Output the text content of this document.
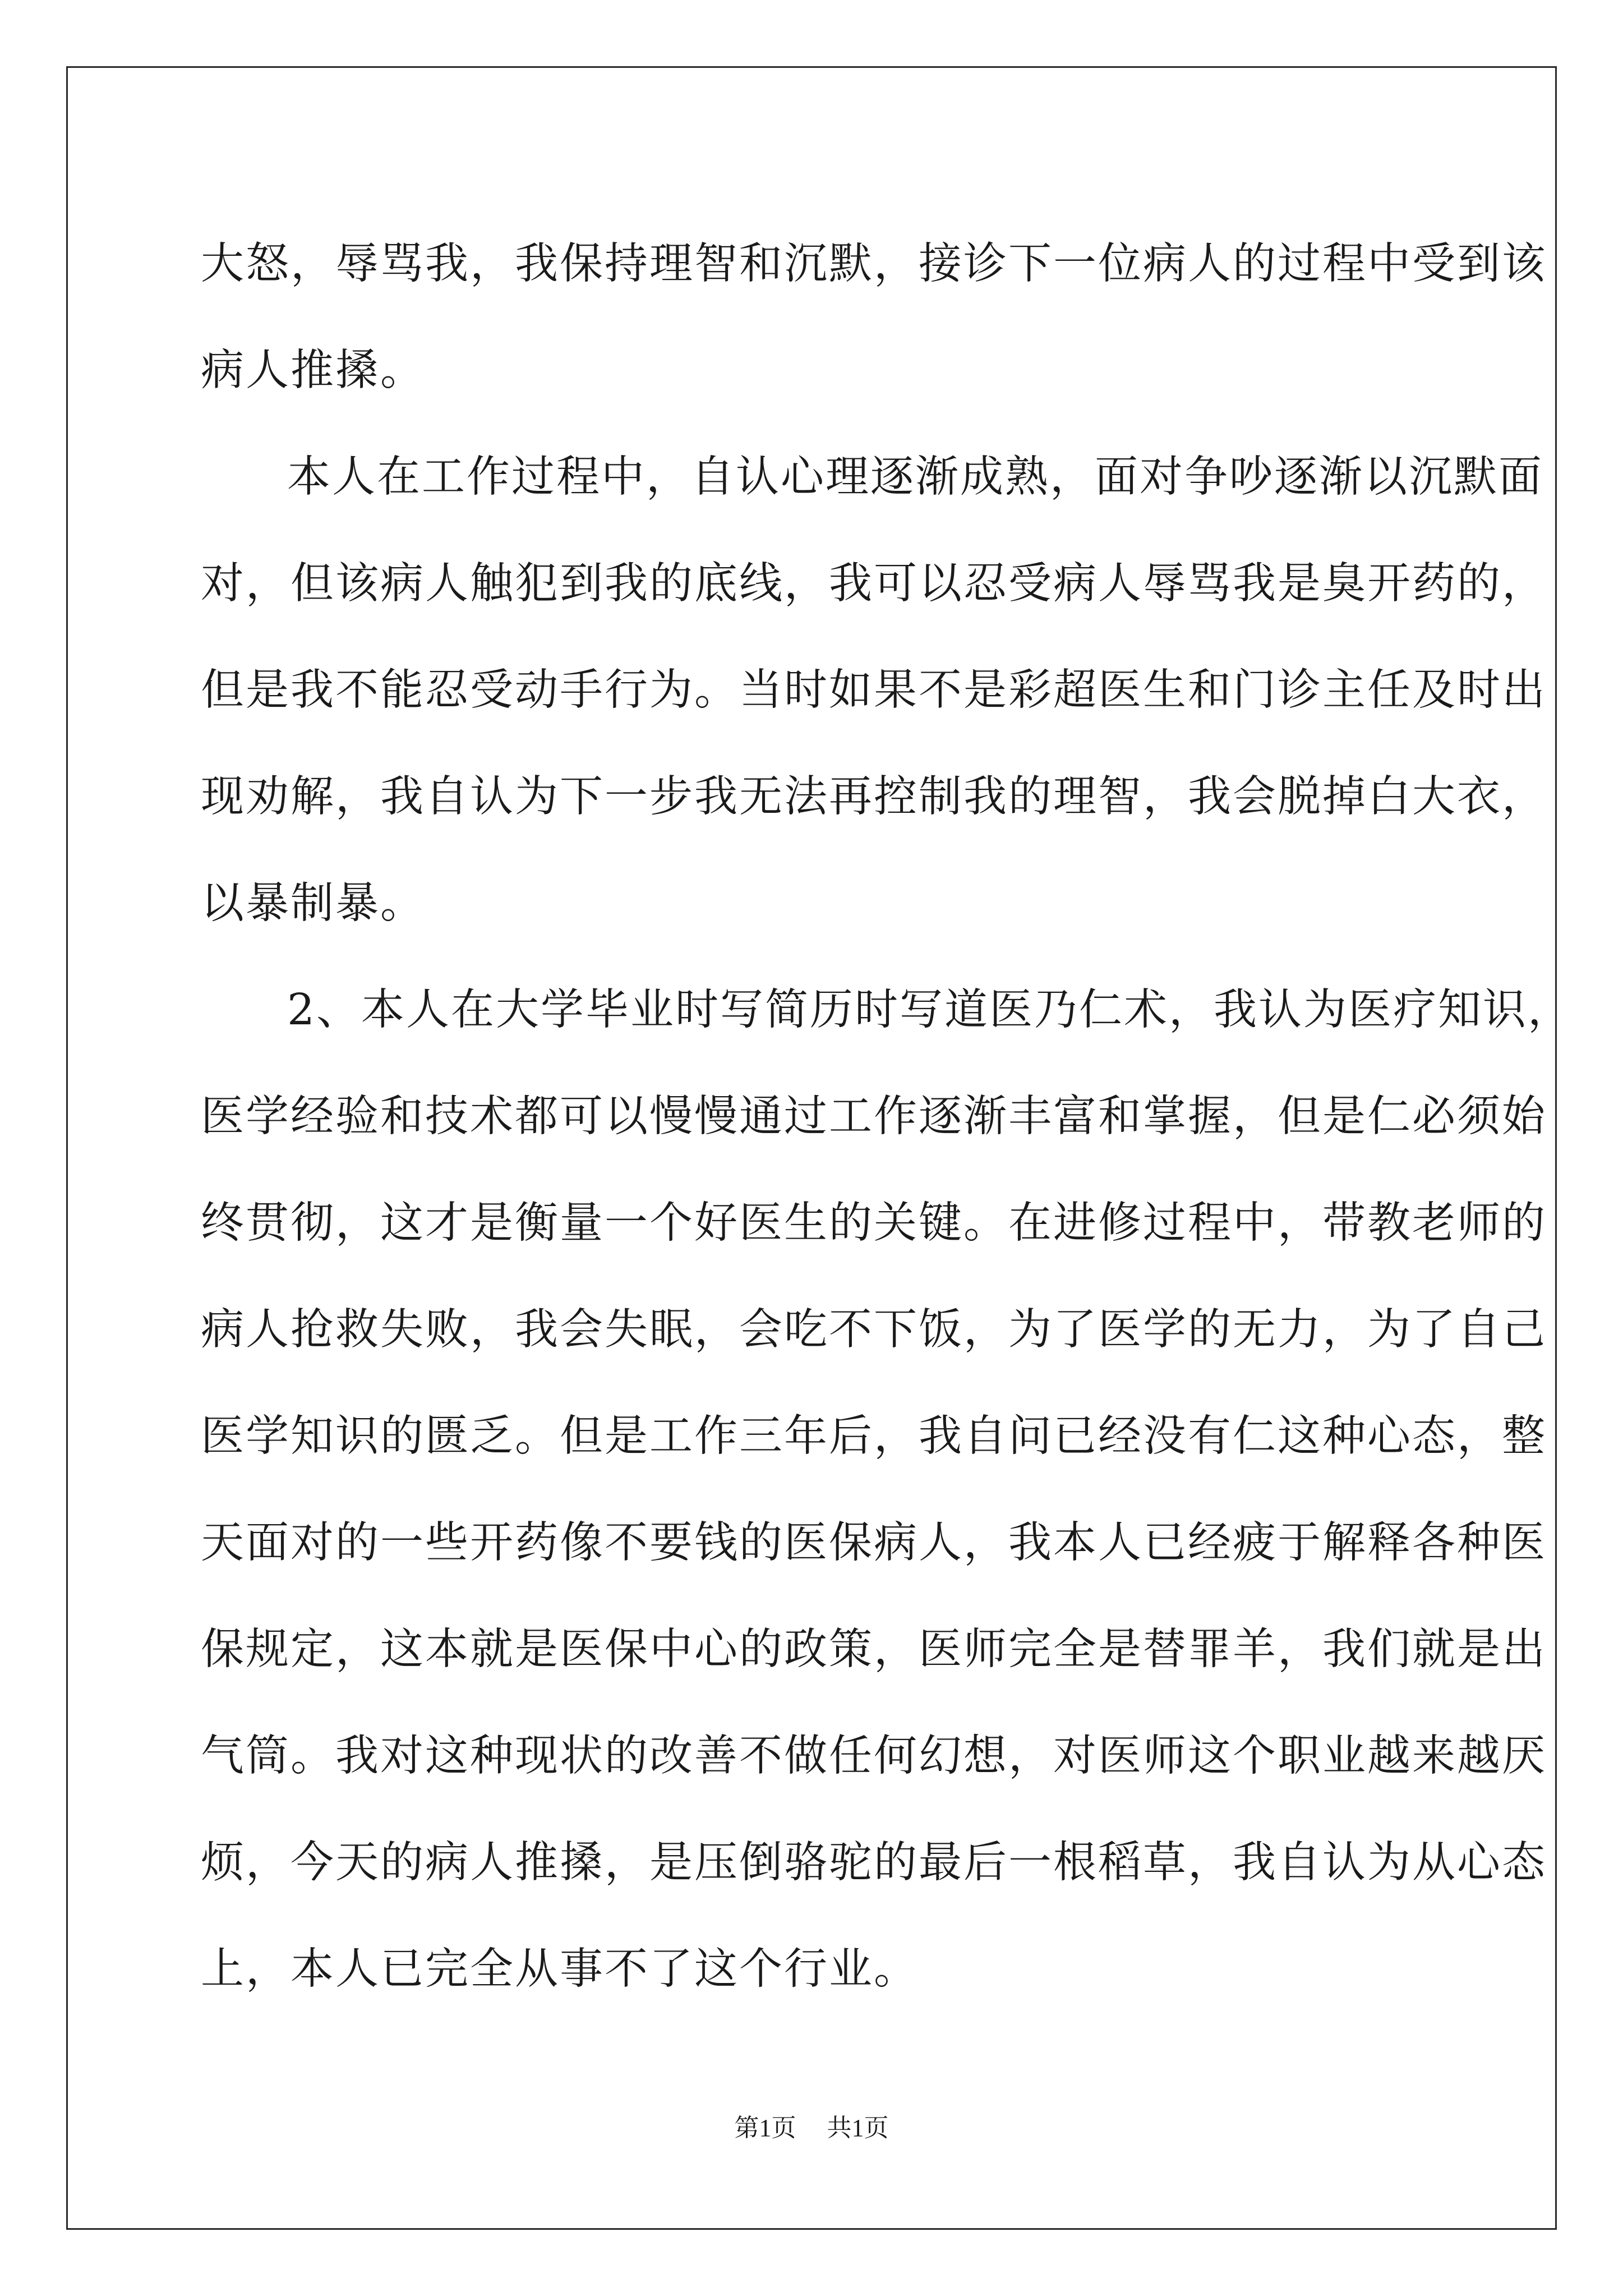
大怒，辱骂我，我保持理智和沉默，接诊下一位病人的过程中受到该
病人推搡。
本人在工作过程中，自认心理逐渐成熟，面对争吵逐渐以沉默面
对，但该病人触犯到我的底线，我可以忍受病人辱骂我是臭开药的，
但是我不能忍受动手行为。当时如果不是彩超医生和门诊主任及时出
现劝解，我自认为下一步我无法再控制我的理智，我会脱掉白大衣，
以暴制暴。
2、本人在大学毕业时写简历时写道医乃仁术，我认为医疗知识，
医学经验和技术都可以慢慢通过工作逐渐丰富和掌握，但是仁必须始
终贯彻，这才是衡量一个好医生的关键。在进修过程中，带教老师的
病人抢救失败，我会失眠，会吃不下饭，为了医学的无力，为了自己
医学知识的匮乏。但是工作三年后，我自问已经没有仁这种心态，整
天面对的一些开药像不要钱的医保病人，我本人已经疲于解释各种医
保规定，这本就是医保中心的政策，医师完全是替罪羊，我们就是出
气筒。我对这种现状的改善不做任何幻想，对医师这个职业越来越厌
烦，今天的病人推搡，是压倒骆驼的最后一根稻草，我自认为从心态
上，本人已完全从事不了这个行业。
第1页 共1页
